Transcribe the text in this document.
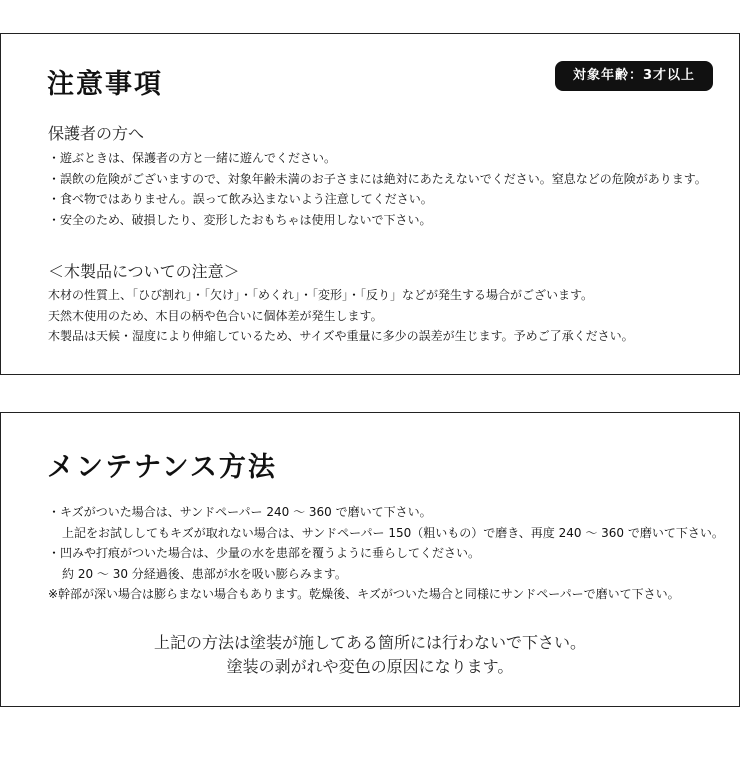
注意事項	対象年齢：3才以上
保護者の方へ
・遊ぶときは、保護者の方と一緒に遊んでください。
・誤飲の危険がございますので、対象年齢未満のお子さまには絶対にあたえないでください。窒息などの危険があります。
・食べ物ではありません。誤って飲み込まないよう注意してください。
・安全のため、破損したり、変形したおもちゃは使用しないで下さい。
＜木製品についての注意＞
木材の性質上、「ひび割れ」・「欠け」・「めくれ」・「変形」・「反り」などが発生する場合がございます。
天然木使用のため、木目の柄や色合いに個体差が発生します。
木製品は天候・湿度により伸縮しているため、サイズや重量に多少の誤差が生じます。予めご了承ください。
メンテナンス方法
・キズがついた場合は、サンドペーパー 240 ～ 360 で磨いて下さい。
上記をお試ししてもキズが取れない場合は、サンドペーパー 150（粗いもの）で磨き、再度 240 ～ 360 で磨いて下さい。
・凹みや打痕がついた場合は、少量の水を患部を覆うように垂らしてください。
約 20 ～ 30 分経過後、患部が水を吸い膨らみます。
※幹部が深い場合は膨らまない場合もあります。乾燥後、キズがついた場合と同様にサンドペーパーで磨いて下さい。
上記の方法は塗装が施してある箇所には行わないで下さい。
塗装の剥がれや変色の原因になります。
